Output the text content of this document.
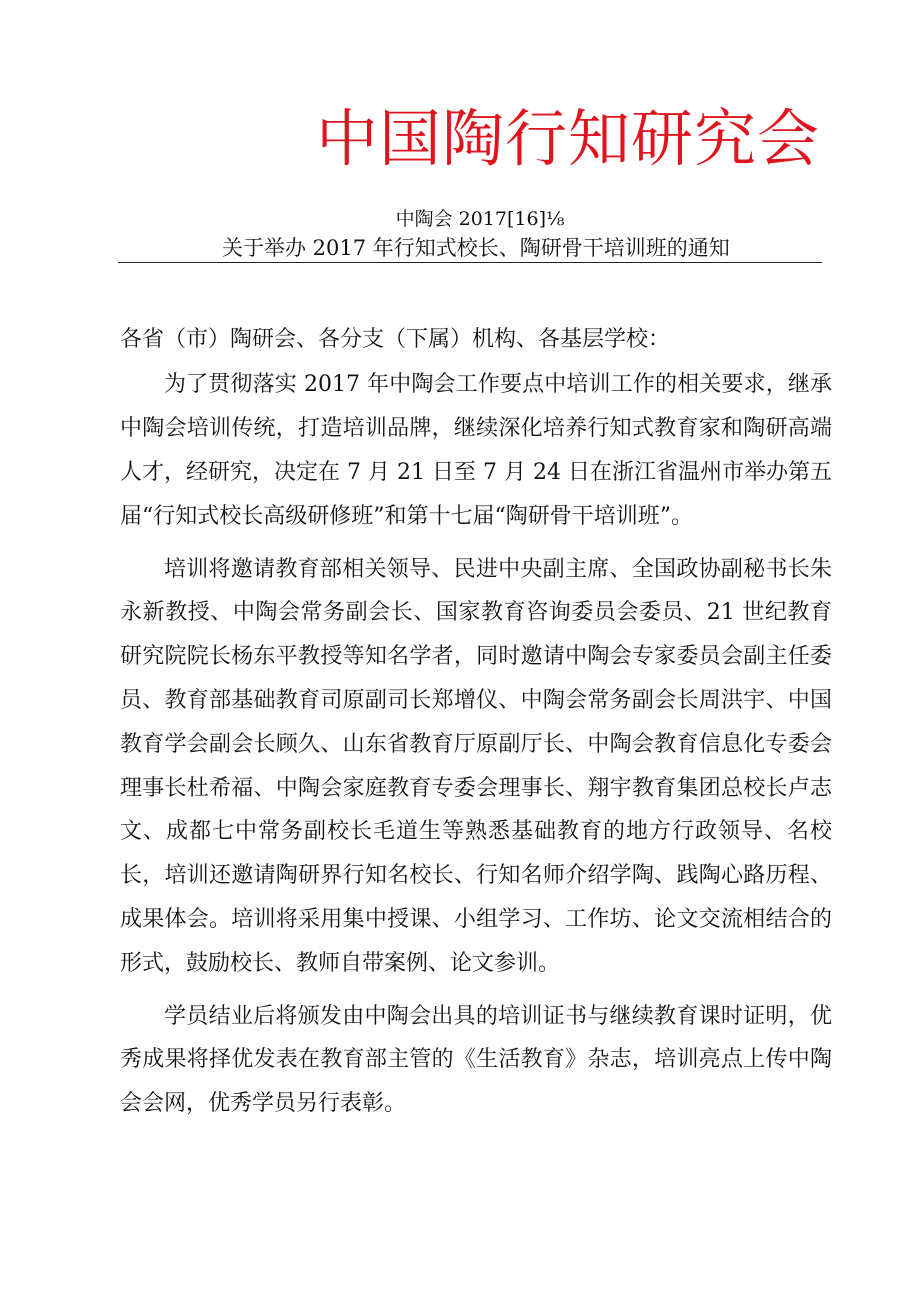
中国陶行知研究会
中陶会 2017[16]⅛
关于举办 2017 年行知式校长、陶研骨干培训班的通知

各省（市）陶研会、各分支（下属）机构、各基层学校：

为了贯彻落实 2017 年中陶会工作要点中培训工作的相关要求，继承中陶会培训传统，打造培训品牌，继续深化培养行知式教育家和陶研高端人才，经研究，决定在 7 月 21 日至 7 月 24 日在浙江省温州市举办第五届“行知式校长高级研修班”和第十七届“陶研骨干培训班”。

培训将邀请教育部相关领导、民进中央副主席、全国政协副秘书长朱永新教授、中陶会常务副会长、国家教育咨询委员会委员、21 世纪教育研究院院长杨东平教授等知名学者，同时邀请中陶会专家委员会副主任委员、教育部基础教育司原副司长郑增仪、中陶会常务副会长周洪宇、中国教育学会副会长顾久、山东省教育厅原副厅长、中陶会教育信息化专委会理事长杜希福、中陶会家庭教育专委会理事长、翔宇教育集团总校长卢志文、成都七中常务副校长毛道生等熟悉基础教育的地方行政领导、名校长，培训还邀请陶研界行知名校长、行知名师介绍学陶、践陶心路历程、成果体会。培训将采用集中授课、小组学习、工作坊、论文交流相结合的形式，鼓励校长、教师自带案例、论文参训。

学员结业后将颁发由中陶会出具的培训证书与继续教育课时证明，优秀成果将择优发表在教育部主管的《生活教育》杂志，培训亮点上传中陶会会网，优秀学员另行表彰。
